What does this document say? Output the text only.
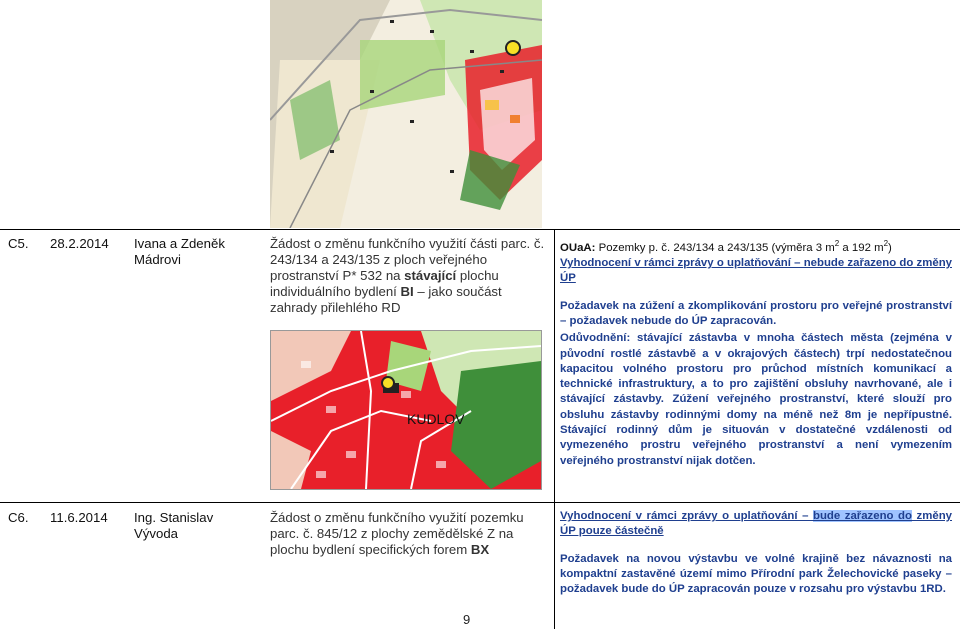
C5. 28.2.2014 Ivana a Zdeněk Mádrovi
Žádost o změnu funkčního využití části parc. č. 243/134 a 243/135 z ploch veřejného prostranství P* 532 na stávající plochu individuálního bydlení BI – jako součást zahrady přilehlého RD
KUDLOV
OUaA: Pozemky p. č. 243/134 a 243/135 (výměra 3 $m^2$ a 192 $m^2$)
Vyhodnocení v rámci zprávy o uplatňování – nebude zařazeno do změny ÚP
Požadavek na zúžení a zkomplikování prostoru pro veřejné prostranství – požadavek nebude do ÚP zapracován.
Odůvodnění: stávající zástavba v mnoha částech města (zejména v původní rostlé zástavbě a v okrajových částech) trpí nedostatečnou kapacitou volného prostoru pro průchod místních komunikací a technické infrastruktury, a to pro zajištění obsluhy navrhované, ale i stávající zástavby. Zúžení veřejného prostranství, které slouží pro obsluhu zástavby rodinnými domy na méně než 8m je nepřípustné. Stávající rodinný dům je situován v dostatečné vzdálenosti od vymezeného prostru veřejného prostranství a není vymezením veřejného prostranství nijak dotčen.
C6. 11.6.2014 Ing. Stanislav Vývoda
Žádost o změnu funkčního využití pozemku parc. č. 845/12 z plochy zemědělské Z na plochu bydlení specifických forem BX
Vyhodnocení v rámci zprávy o uplatňování – bude zařazeno do změny ÚP pouze částečně
Požadavek na novou výstavbu ve volné krajině bez návaznosti na kompaktní zastavěné území mimo Přírodní park Želechovické paseky – požadavek bude do ÚP zapracován pouze v rozsahu pro výstavbu 1RD.
9
